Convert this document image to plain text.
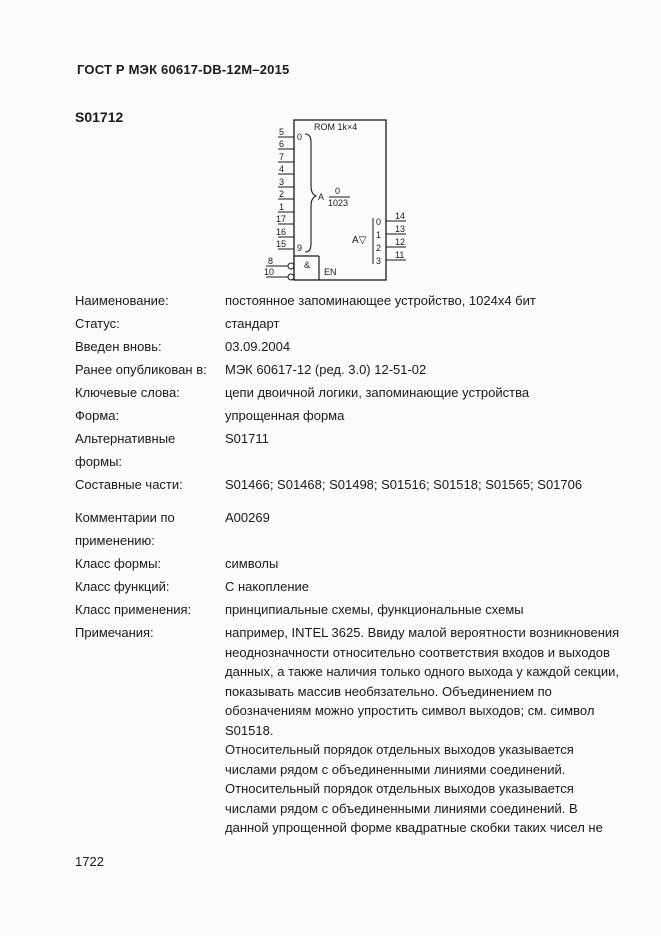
ГОСТ Р МЭК 60617-DB-12M–2015
S01712
ROM 1k×4
5
6
7
4
3
2
1
17
16
15
0
9
A
0
1023
A▽
0
1
2
3
14
13
12
11
8
10
&
EN
Наименование:	постоянное запоминающее устройство, 1024x4 бит
Статус:	стандарт
Введен вновь:	03.09.2004
Ранее опубликован в:	МЭК 60617-12 (ред. 3.0) 12-51-02
Ключевые слова:	цепи двоичной логики, запоминающие устройства
Форма:	упрощенная форма
Альтернативные
формы:
S01711
Составные части:	S01466; S01468; S01498; S01516; S01518; S01565; S01706
Комментарии по
применению:
A00269
Класс формы:	символы
Класс функций:	С накопление
Класс применения:	принципиальные схемы, функциональные схемы
Примечания:	например, INTEL 3625. Ввиду малой вероятности возникновения

неоднозначности относительно соответствия входов и выходов

данных, а также наличия только одного выхода у каждой секции,

показывать массив необязательно. Объединением по

обозначениям можно упростить символ выходов; см. символ

S01518.

Относительный порядок отдельных выходов указывается

числами рядом с объединенными линиями соединений.

Относительный порядок отдельных выходов указывается

числами рядом с объединенными линиями соединений. В

данной упрощенной форме квадратные скобки таких чисел не

1722
